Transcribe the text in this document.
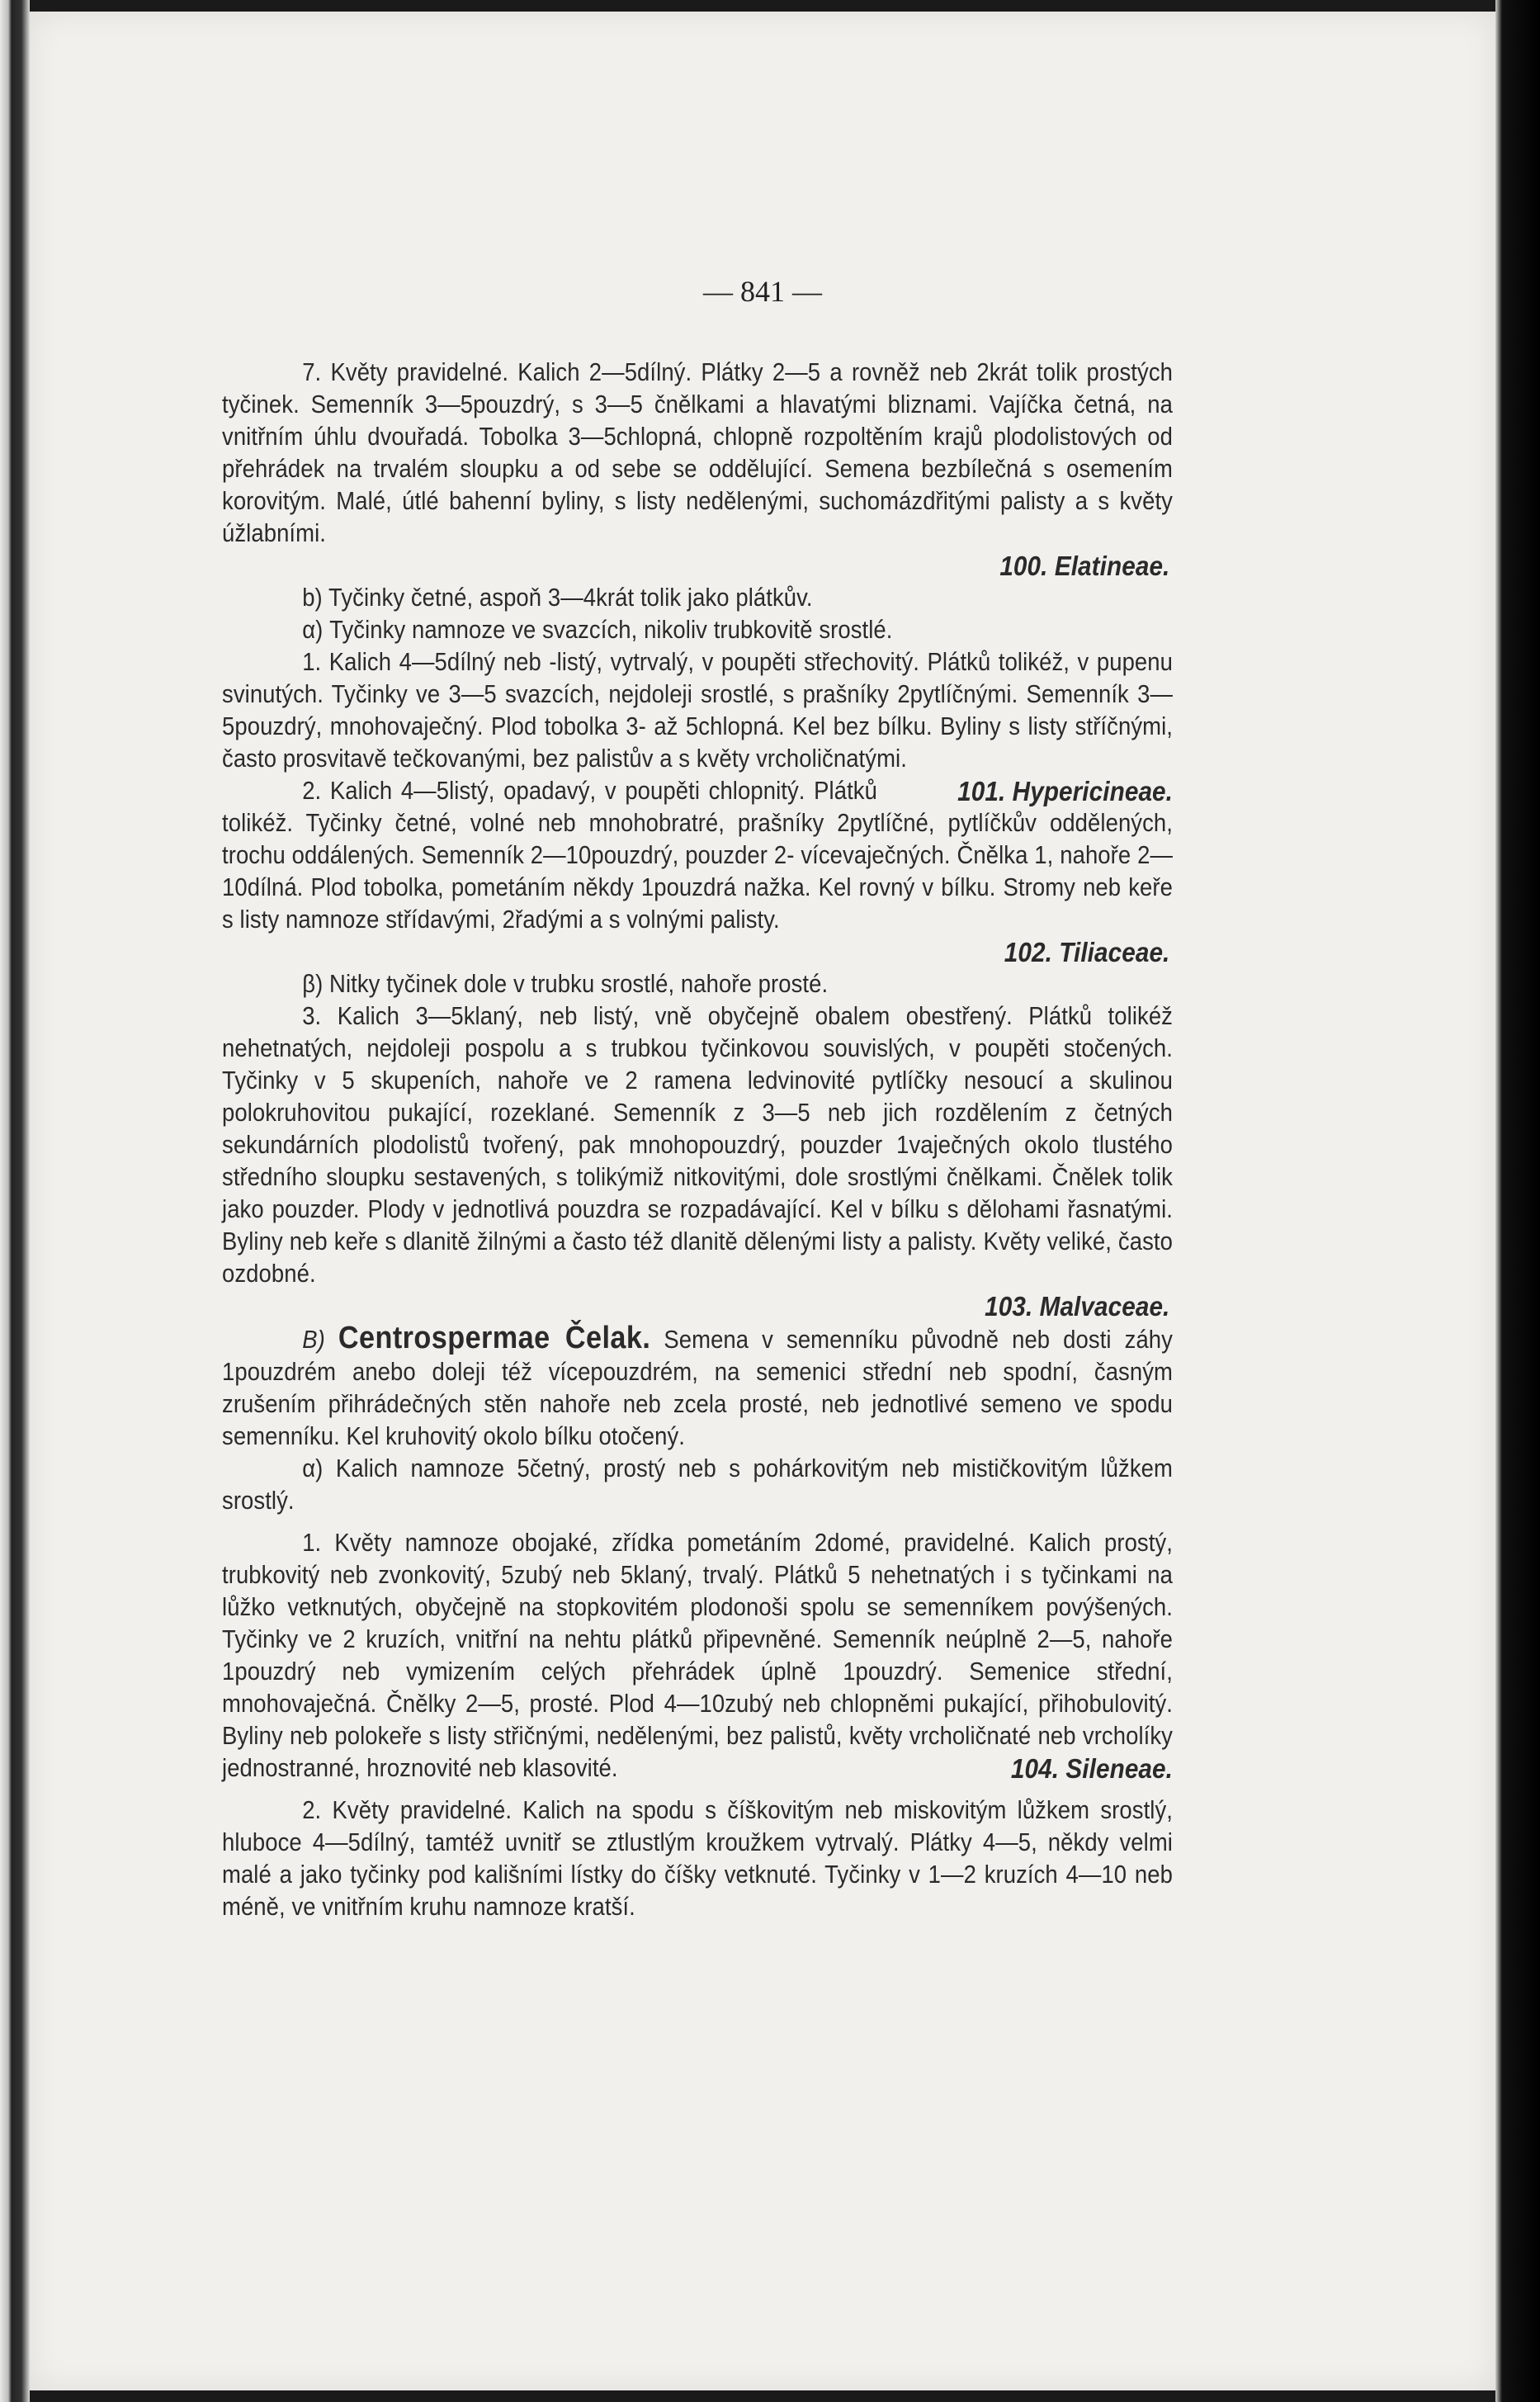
— 841 —

7. Květy pravidelné. Kalich 2—5dílný. Plátky 2—5 a rovněž neb 2krát tolik prostých tyčinek. Semenník 3—5pouzdrý, s 3—5 čnělkami a hlavatými bliznami. Vajíčka četná, na vnitřním úhlu dvouřadá. Tobolka 3—5chlopná, chlopně rozpoltěním krajů plodolistových od přehrádek na trvalém sloupku a od sebe se oddělující. Semena bezbílečná s osemením korovitým. Malé, útlé bahenní byliny, s listy nedělenými, suchomázdřitými palisty a s květy úžlabními.

100. Elatineae.

b) Tyčinky četné, aspoň 3—4krát tolik jako plátkův.

α) Tyčinky namnoze ve svazcích, nikoliv trubkovitě srostlé.

1. Kalich 4—5dílný neb -listý, vytrvalý, v poupěti střechovitý. Plátků tolikéž, v pupenu svinutých. Tyčinky ve 3—5 svazcích, nejdoleji srostlé, s prašníky 2pytlíčnými. Semenník 3—5pouzdrý, mnohovaječný. Plod tobolka 3- až 5chlopná. Kel bez bílku. Byliny s listy stříčnými, často prosvitavě tečkovanými, bez palistův a s květy vrcholičnatými.
101. Hypericineae.

2. Kalich 4—5listý, opadavý, v poupěti chlopnitý. Plátků tolikéž. Tyčinky četné, volné neb mnohobratré, prašníky 2pytlíčné, pytlíčkův oddělených, trochu oddálených. Semenník 2—10pouzdrý, pouzder 2- vícevaječných. Čnělka 1, nahoře 2—10dílná. Plod tobolka, pometáním někdy 1pouzdrá nažka. Kel rovný v bílku. Stromy neb keře s listy namnoze střídavými, 2řadými a s volnými palisty.

102. Tiliaceae.

β) Nitky tyčinek dole v trubku srostlé, nahoře prosté.

3. Kalich 3—5klaný, neb listý, vně obyčejně obalem obestřený. Plátků tolikéž nehetnatých, nejdoleji pospolu a s trubkou tyčinkovou souvislých, v poupěti stočených. Tyčinky v 5 skupeních, nahoře ve 2 ramena ledvinovité pytlíčky nesoucí a skulinou polokruhovitou pukající, rozeklané. Semenník z 3—5 neb jich rozdělením z četných sekundárních plodolistů tvořený, pak mnohopouzdrý, pouzder 1vaječných okolo tlustého středního sloupku sestavených, s tolikýmiž nitkovitými, dole srostlými čnělkami. Čnělek tolik jako pouzder. Plody v jednotlivá pouzdra se rozpadávající. Kel v bílku s dělohami řasnatými. Byliny neb keře s dlanitě žilnými a často též dlanitě dělenými listy a palisty. Květy veliké, často ozdobné.

103. Malvaceae.

B) Centrospermae Čelak. Semena v semenníku původně neb dosti záhy 1pouzdrém anebo doleji též vícepouzdrém, na semenici střední neb spodní, časným zrušením přihrádečných stěn nahoře neb zcela prosté, neb jednotlivé semeno ve spodu semenníku. Kel kruhovitý okolo bílku otočený.

α) Kalich namnoze 5četný, prostý neb s pohárkovitým neb mističkovitým lůžkem srostlý.

1. Květy namnoze obojaké, zřídka pometáním 2domé, pravidelné. Kalich prostý, trubkovitý neb zvonkovitý, 5zubý neb 5klaný, trvalý. Plátků 5 nehetnatých i s tyčinkami na lůžko vetknutých, obyčejně na stopkovitém plodonoši spolu se semenníkem povýšených. Tyčinky ve 2 kruzích, vnitřní na nehtu plátků připevněné. Semenník neúplně 2—5, nahoře 1pouzdrý neb vymizením celých přehrádek úplně 1pouzdrý. Semenice střední, mnohovaječná. Čnělky 2—5, prosté. Plod 4—10zubý neb chlopněmi pukající, přihobulovitý. Byliny neb polokeře s listy střičnými, nedělenými, bez palistů, květy vrcholičnaté neb vrcholíky jednostranné, hroznovité neb klasovité.	104. Sileneae.

2. Květy pravidelné. Kalich na spodu s číškovitým neb miskovitým lůžkem srostlý, hluboce 4—5dílný, tamtéž uvnitř se ztlustlým kroužkem vytrvalý. Plátky 4—5, někdy velmi malé a jako tyčinky pod kališními lístky do číšky vetknuté. Tyčinky v 1—2 kruzích 4—10 neb méně, ve vnitřním kruhu namnoze kratší.
